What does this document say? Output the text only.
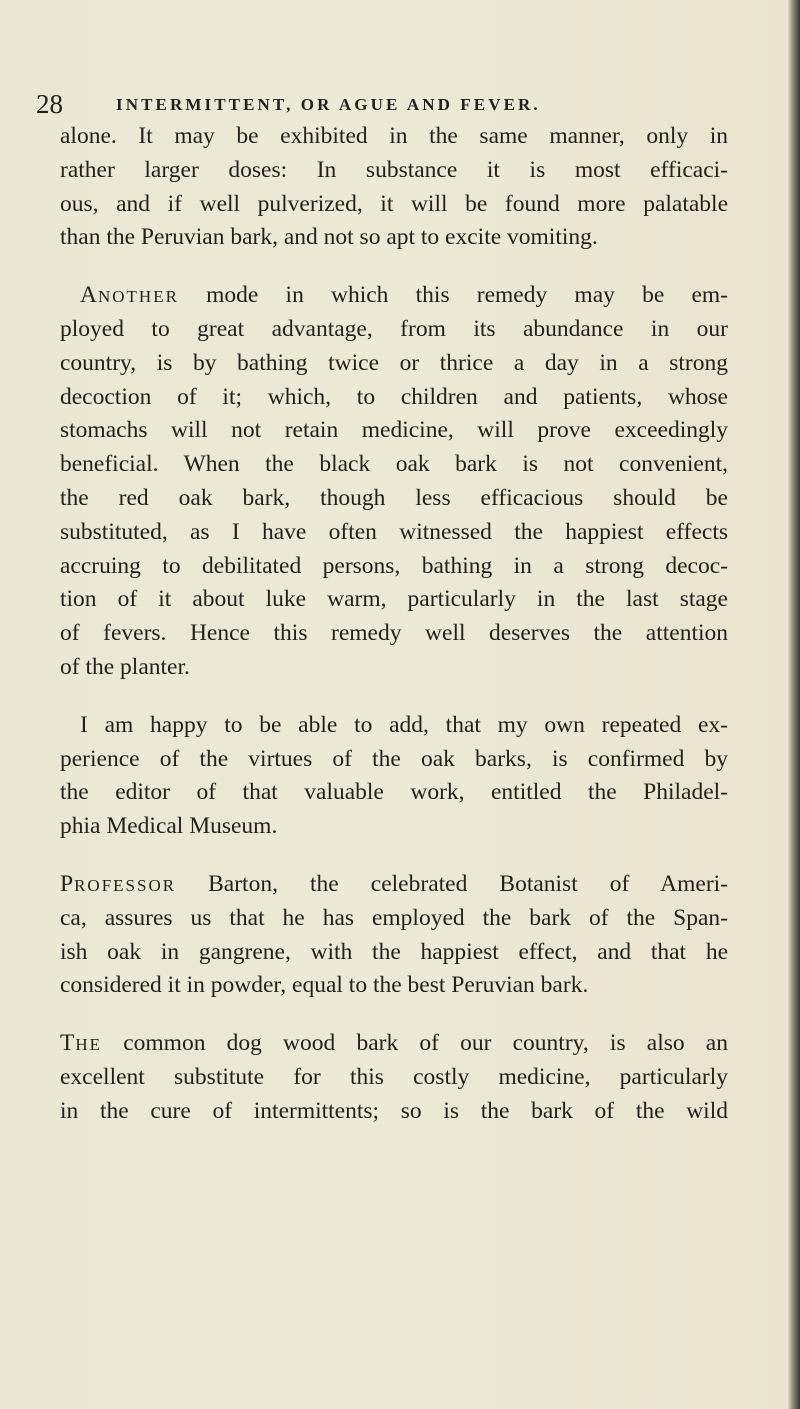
28	INTERMITTENT, OR AGUE AND FEVER.
alone. It may be exhibited in the same manner, only in
rather larger doses: In substance it is most efficaci-
ous, and if well pulverized, it will be found more palatable
than the Peruvian bark, and not so apt to excite vomiting.
ANOTHER mode in which this remedy may be em-
ployed to great advantage, from its abundance in our
country, is by bathing twice or thrice a day in a strong
decoction of it; which, to children and patients, whose
stomachs will not retain medicine, will prove exceedingly
beneficial. When the black oak bark is not convenient,
the red oak bark, though less efficacious should be
substituted, as I have often witnessed the happiest effects
accruing to debilitated persons, bathing in a strong decoc-
tion of it about luke warm, particularly in the last stage
of fevers. Hence this remedy well deserves the attention
of the planter.
I am happy to be able to add, that my own repeated ex-
perience of the virtues of the oak barks, is confirmed by
the editor of that valuable work, entitled the Philadel-
phia Medical Museum.
PROFESSOR Barton, the celebrated Botanist of Ameri-
ca, assures us that he has employed the bark of the Span-
ish oak in gangrene, with the happiest effect, and that he
considered it in powder, equal to the best Peruvian bark.
THE common dog wood bark of our country, is also an
excellent substitute for this costly medicine, particularly
in the cure of intermittents; so is the bark of the wild
